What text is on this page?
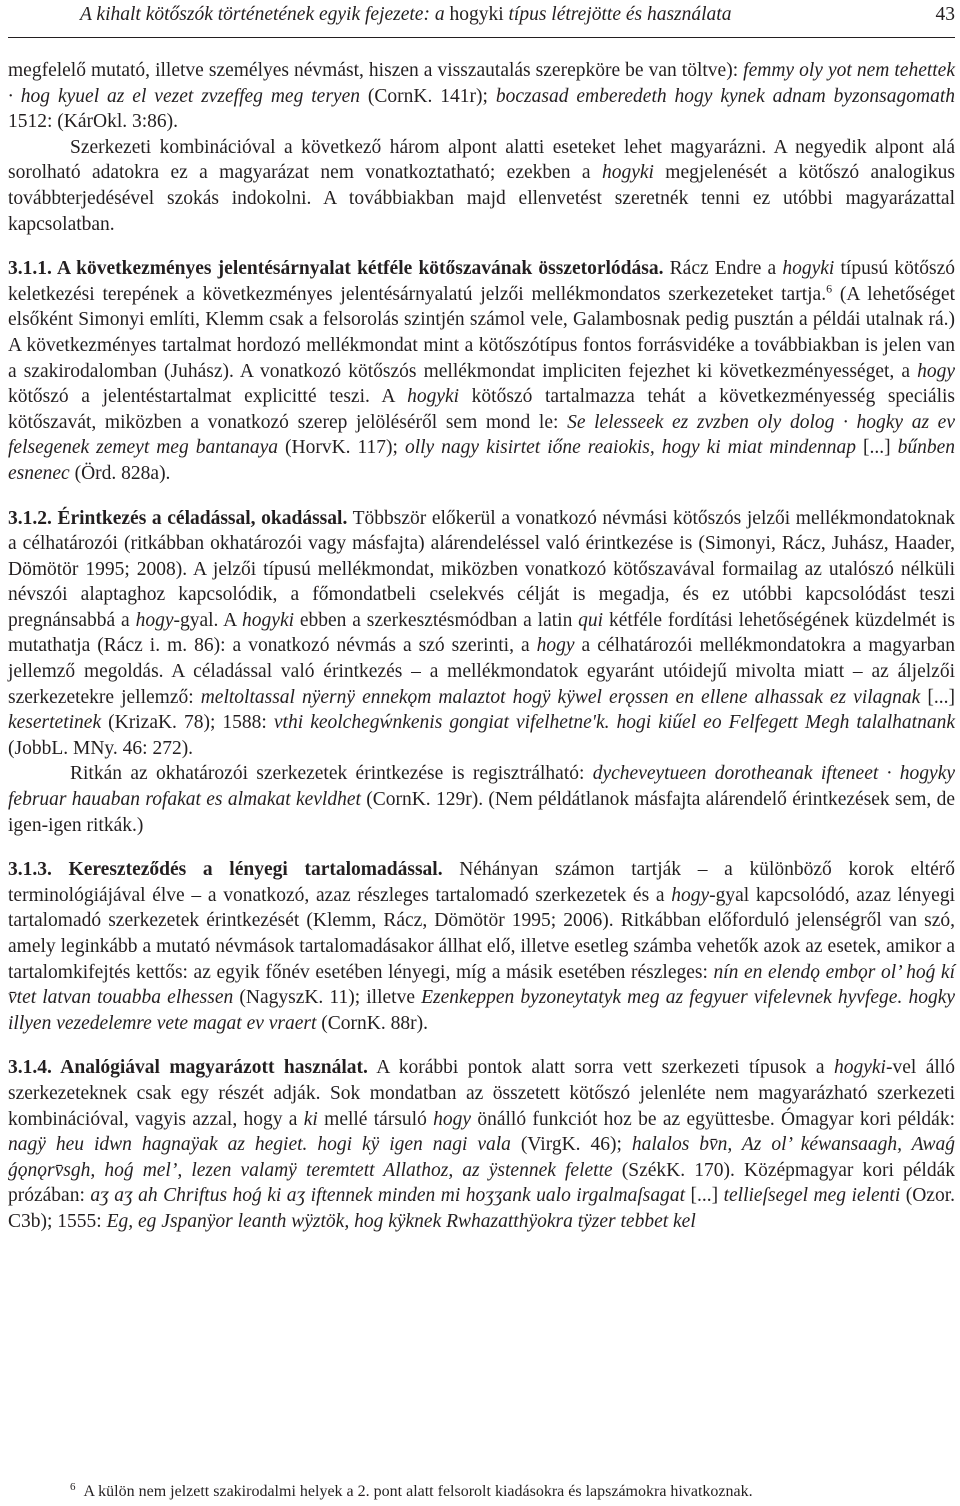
A kihalt kötőszók történetének egyik fejezete: a hogyki típus létrejötte és használata	43

megfelelő mutató, illetve személyes névmást, hiszen a visszautalás szerepköre be van töltve): femmy oly yot nem tehettek · hog kyuel az el vezet zvzeffeg meg teryen (CornK. 141r); boczasad emberedeth hogy kynek adnam byzonsagomath 1512: (KárOkl. 3:86).

Szerkezeti kombinációval a következő három alpont alatti eseteket lehet magyarázni. A negyedik alpont alá sorolható adatokra ez a magyarázat nem vonatkoztatható; ezekben a hogyki megjelenését a kötőszó analogikus továbbterjedésével szokás indokolni. A továbbiakban majd ellenvetést szeretnék tenni ez utóbbi magyarázattal kapcsolatban.

3.1.1. A következményes jelentésárnyalat kétféle kötőszavának összetorlódása. Rácz Endre a hogyki típusú kötőszó keletkezési terepének a következményes jelentésárnyalatú jelzői mellékmondatos szerkezeteket tartja.$^6$ (A lehetőséget elsőként Simonyi említi, Klemm csak a felsorolás szintjén számol vele, Galambosnak pedig pusztán a példái utalnak rá.) A következményes tartalmat hordozó mellékmondat mint a kötőszótípus fontos forrásvidéke a továbbiakban is jelen van a szakirodalomban (Juhász). A vonatkozó kötőszós mellékmondat impliciten fejezhet ki következményességet, a hogy kötőszó a jelentéstartalmat explicitté teszi. A hogyki kötőszó tartalmazza tehát a következményesség speciális kötőszavát, miközben a vonatkozó szerep jelöléséről sem mond le: Se lelesseek ez zvzben oly dolog · hogky az ev felsegenek zemeyt meg bantanaya (HorvK. 117); olly nagy kisirtet iőne reaiokis, hogy ki miat mindennap [...] bűnben esnenec (Örd. 828a).

3.1.2. Érintkezés a céladással, okadással. Többször előkerül a vonatkozó névmási kötőszós jelzői mellékmondatoknak a célhatározói (ritkábban okhatározói vagy másfajta) alárendeléssel való érintkezése is (Simonyi, Rácz, Juhász, Haader, Dömötör 1995; 2008). A jelzői típusú mellékmondat, miközben vonatkozó kötőszavával formailag az utalószó nélküli névszói alaptaghoz kapcsolódik, a főmondatbeli cselekvés célját is megadja, és ez utóbbi kapcsolódást teszi pregnánsabbá a hogy-gyal. A hogyki ebben a szerkesztésmódban a latin qui kétféle fordítási lehetőségének küzdelmét is mutathatja (Rácz i. m. 86): a vonatkozó névmás a szó szerinti, a hogy a célhatározói mellékmondatokra a magyarban jellemző megoldás. A céladással való érintkezés – a mellékmondatok egyaránt utóidejű mivolta miatt – az áljelzői szerkezetekre jellemző: meltoltassal nÿernÿ ennekǫm malaztot hogÿ kÿwel erǫssen en ellene alhassak ez vilagnak [...] kesertetinek (KrizaK. 78); 1588: vthi keolchegẃnkenis gongiat vifelhetne'k. hogi kiűel eo Felfegett Megh talalhatnank (JobbL. MNy. 46: 272).

Ritkán az okhatározói szerkezetek érintkezése is regisztrálható: dycheveytueen dorotheanak ifteneet · hogyky februar hauaban rofakat es almakat kevldhet (CornK. 129r). (Nem példátlanok másfajta alárendelő érintkezések sem, de igen-igen ritkák.)

3.1.3. Kereszteződés a lényegi tartalomadással. Néhányan számon tartják – a különböző korok eltérő terminológiájával élve – a vonatkozó, azaz részleges tartalomadó szerkezetek és a hogy-gyal kapcsolódó, azaz lényegi tartalomadó szerkezetek érintkezését (Klemm, Rácz, Dömötör 1995; 2006). Ritkábban előforduló jelenségről van szó, amely leginkább a mutató névmások tartalomadásakor állhat elő, illetve esetleg számba vehetők azok az esetek, amikor a tartalomkifejtés kettős: az egyik főnév esetében lényegi, míg a másik esetében részleges: nín en elendǫ embǫr ol’ hoǵ kí v̄tet latvan touabba elhessen (NagyszK. 11); illetve Ezenkeppen byzoneytatyk meg az fegyuer vifelevnek hyvfege. hogky illyen vezedelemre vete magat ev vraert (CornK. 88r).

3.1.4. Analógiával magyarázott használat. A korábbi pontok alatt sorra vett szerkezeti típusok a hogyki-vel álló szerkezeteknek csak egy részét adják. Sok mondatban az összetett kötőszó jelenléte nem magyarázható szerkezeti kombinációval, vagyis azzal, hogy a ki mellé társuló hogy önálló funkciót hoz be az együttesbe. Ómagyar kori példák: nagÿ heu idwn hagnaÿak az hegiet. hogi kÿ igen nagi vala (VirgK. 46); halalos bv̄n, Az ol’ kéwansaagh, Awaǵ ǵǫnǫrv̄sgh, hoǵ mel’, lezen valamÿ teremtett Allathoz, az ÿstennek felette (SzékK. 170). Középmagyar kori példák prózában: aʒ aʒ ah Chriftus hoǵ ki aʒ iftennek minden mi hoʒʒank ualo irgalmaſsagat [...] tellieſsegel meg ielenti (Ozor. C3b); 1555: Eg, eg Jspanÿor leanth wÿztök, hog kÿknek Rwhazatthÿokra tÿzer tebbet kel

$^6$ A külön nem jelzett szakirodalmi helyek a 2. pont alatt felsorolt kiadásokra és lapszámokra hivatkoznak.
